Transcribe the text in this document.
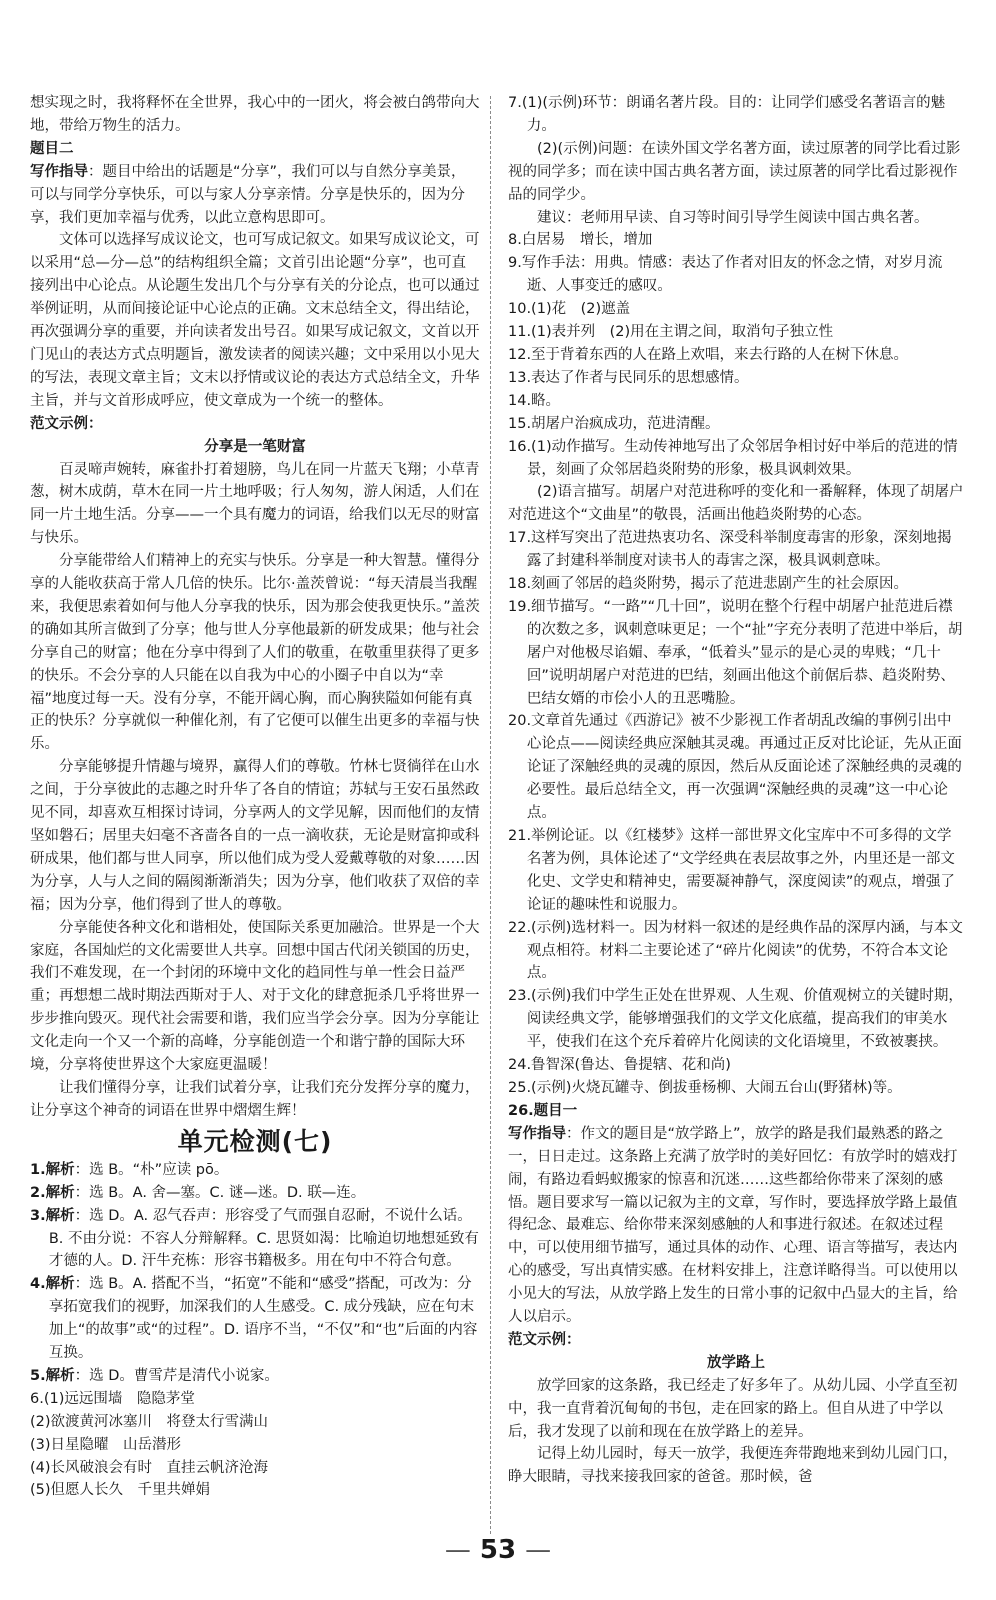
想实现之时，我将释怀在全世界，我心中的一团火，将会被白鸽带向大地，带给万物生的活力。

题目二

写作指导：题目中给出的话题是“分享”，我们可以与自然分享美景，可以与同学分享快乐，可以与家人分享亲情。分享是快乐的，因为分享，我们更加幸福与优秀，以此立意构思即可。

文体可以选择写成议论文，也可写成记叙文。如果写成议论文，可以采用“总—分—总”的结构组织全篇；文首引出论题“分享”，也可直接列出中心论点。从论题生发出几个与分享有关的分论点，也可以通过举例证明，从而间接论证中心论点的正确。文末总结全文，得出结论，再次强调分享的重要，并向读者发出号召。如果写成记叙文，文首以开门见山的表达方式点明题旨，激发读者的阅读兴趣；文中采用以小见大的写法，表现文章主旨；文末以抒情或议论的表达方式总结全文，升华主旨，并与文首形成呼应，使文章成为一个统一的整体。

范文示例：

分享是一笔财富

百灵啼声婉转，麻雀扑打着翅膀，鸟儿在同一片蓝天飞翔；小草青葱，树木成荫，草木在同一片土地呼吸；行人匆匆，游人闲适，人们在同一片土地生活。分享——一个具有魔力的词语，给我们以无尽的财富与快乐。

分享能带给人们精神上的充实与快乐。分享是一种大智慧。懂得分享的人能收获高于常人几倍的快乐。比尔·盖茨曾说：“每天清晨当我醒来，我便思索着如何与他人分享我的快乐，因为那会使我更快乐。”盖茨的确如其所言做到了分享；他与世人分享他最新的研发成果；他与社会分享自己的财富；他在分享中得到了人们的敬重，在敬重里获得了更多的快乐。不会分享的人只能在以自我为中心的小圈子中自以为“幸福”地度过每一天。没有分享，不能开阔心胸，而心胸狭隘如何能有真正的快乐？分享就似一种催化剂，有了它便可以催生出更多的幸福与快乐。

分享能够提升情趣与境界，赢得人们的尊敬。竹林七贤徜徉在山水之间，于分享彼此的志趣之时升华了各自的情谊；苏轼与王安石虽然政见不同，却喜欢互相探讨诗词，分享两人的文学见解，因而他们的友情坚如磐石；居里夫妇毫不吝啬各自的一点一滴收获，无论是财富抑或科研成果，他们都与世人同享，所以他们成为受人爱戴尊敬的对象……因为分享，人与人之间的隔阂渐渐消失；因为分享，他们收获了双倍的幸福；因为分享，他们得到了世人的尊敬。

分享能使各种文化和谐相处，使国际关系更加融洽。世界是一个大家庭，各国灿烂的文化需要世人共享。回想中国古代闭关锁国的历史，我们不难发现，在一个封闭的环境中文化的趋同性与单一性会日益严重；再想想二战时期法西斯对于人、对于文化的肆意扼杀几乎将世界一步步推向毁灭。现代社会需要和谐，我们应当学会分享。因为分享能让文化走向一个又一个新的高峰，分享能创造一个和谐宁静的国际大环境，分享将使世界这个大家庭更温暖！

让我们懂得分享，让我们试着分享，让我们充分发挥分享的魔力，让分享这个神奇的词语在世界中熠熠生辉！

单元检测(七)

1.解析：选 B。“朴”应读 pō。

2.解析：选 B。A. 舍—塞。C. 谜—迷。D. 联—连。

3.解析：选 D。A. 忍气吞声：形容受了气而强自忍耐，不说什么话。B. 不由分说：不容人分辩解释。C. 思贤如渴：比喻迫切地想延致有才德的人。D. 汗牛充栋：形容书籍极多。用在句中不符合句意。

4.解析：选 B。A. 搭配不当，“拓宽”不能和“感受”搭配，可改为：分享拓宽我们的视野，加深我们的人生感受。C. 成分残缺，应在句末加上“的故事”或“的过程”。D. 语序不当，“不仅”和“也”后面的内容互换。

5.解析：选 D。曹雪芹是清代小说家。

6.(1)远远围墙　隐隐茅堂

(2)欲渡黄河冰塞川　将登太行雪满山

(3)日星隐曜　山岳潜形

(4)长风破浪会有时　直挂云帆济沧海

(5)但愿人长久　千里共婵娟

7.(1)(示例)环节：朗诵名著片段。目的：让同学们感受名著语言的魅力。

(2)(示例)问题：在读外国文学名著方面，读过原著的同学比看过影视的同学多；而在读中国古典名著方面，读过原著的同学比看过影视作品的同学少。

建议：老师用早读、自习等时间引导学生阅读中国古典名著。

8.白居易　增长，增加

9.写作手法：用典。情感：表达了作者对旧友的怀念之情，对岁月流逝、人事变迁的感叹。

10.(1)花　(2)遮盖

11.(1)表并列　(2)用在主谓之间，取消句子独立性

12.至于背着东西的人在路上欢唱，来去行路的人在树下休息。

13.表达了作者与民同乐的思想感情。

14.略。

15.胡屠户治疯成功，范进清醒。

16.(1)动作描写。生动传神地写出了众邻居争相讨好中举后的范进的情景，刻画了众邻居趋炎附势的形象，极具讽刺效果。

(2)语言描写。胡屠户对范进称呼的变化和一番解释，体现了胡屠户对范进这个“文曲星”的敬畏，活画出他趋炎附势的心态。

17.这样写突出了范进热衷功名、深受科举制度毒害的形象，深刻地揭露了封建科举制度对读书人的毒害之深，极具讽刺意味。

18.刻画了邻居的趋炎附势，揭示了范进悲剧产生的社会原因。

19.细节描写。“一路”“几十回”，说明在整个行程中胡屠户扯范进后襟的次数之多，讽刺意味更足；一个“扯”字充分表明了范进中举后，胡屠户对他极尽谄媚、奉承，“低着头”显示的是心灵的卑贱；“几十回”说明胡屠户对范进的巴结，刻画出他这个前倨后恭、趋炎附势、巴结女婿的市侩小人的丑恶嘴脸。

20.文章首先通过《西游记》被不少影视工作者胡乱改编的事例引出中心论点——阅读经典应深触其灵魂。再通过正反对比论证，先从正面论证了深触经典的灵魂的原因，然后从反面论述了深触经典的灵魂的必要性。最后总结全文，再一次强调“深触经典的灵魂”这一中心论点。

21.举例论证。以《红楼梦》这样一部世界文化宝库中不可多得的文学名著为例，具体论述了“文学经典在表层故事之外，内里还是一部文化史、文学史和精神史，需要凝神静气，深度阅读”的观点，增强了论证的趣味性和说服力。

22.(示例)选材料一。因为材料一叙述的是经典作品的深厚内涵，与本文观点相符。材料二主要论述了“碎片化阅读”的优势，不符合本文论点。

23.(示例)我们中学生正处在世界观、人生观、价值观树立的关键时期，阅读经典文学，能够增强我们的文学文化底蕴，提高我们的审美水平，使我们在这个充斥着碎片化阅读的文化语境里，不致被裹挟。

24.鲁智深(鲁达、鲁提辖、花和尚)

25.(示例)火烧瓦罐寺、倒拔垂杨柳、大闹五台山(野猪林)等。

26.题目一

写作指导：作文的题目是“放学路上”，放学的路是我们最熟悉的路之一，日日走过。这条路上充满了放学时的美好回忆：有放学时的嬉戏打闹，有路边看蚂蚁搬家的惊喜和沉迷……这些都给你带来了深刻的感悟。题目要求写一篇以记叙为主的文章，写作时，要选择放学路上最值得纪念、最难忘、给你带来深刻感触的人和事进行叙述。在叙述过程中，可以使用细节描写，通过具体的动作、心理、语言等描写，表达内心的感受，写出真情实感。在材料安排上，注意详略得当。可以使用以小见大的写法，从放学路上发生的日常小事的记叙中凸显大的主旨，给人以启示。

范文示例：

放学路上

放学回家的这条路，我已经走了好多年了。从幼儿园、小学直至初中，我一直背着沉甸甸的书包，走在回家的路上。但自从进了中学以后，我才发现了以前和现在在放学路上的差异。

记得上幼儿园时，每天一放学，我便连奔带跑地来到幼儿园门口，睁大眼睛，寻找来接我回家的爸爸。那时候，爸

— 53 —
